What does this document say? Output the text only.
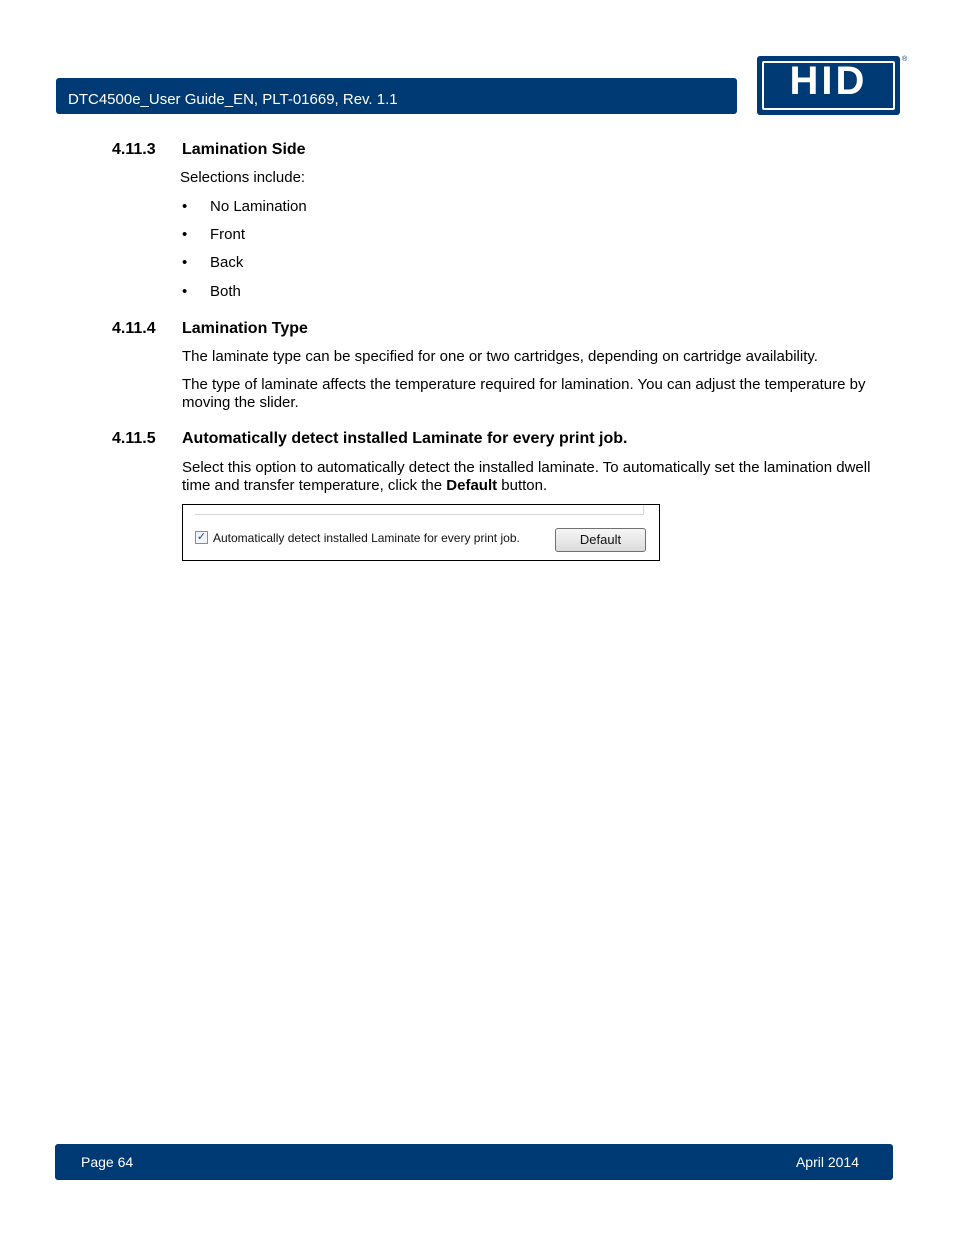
DTC4500e_User Guide_EN, PLT-01669, Rev. 1.1	HID	®
4.11.3 Lamination Side
Selections include:
• No Lamination
• Front
• Back
• Both
4.11.4 Lamination Type
The laminate type can be specified for one or two cartridges, depending on cartridge availability.
The type of laminate affects the temperature required for lamination. You can adjust the temperature by moving the slider.
4.11.5 Automatically detect installed Laminate for every print job.
Select this option to automatically detect the installed laminate. To automatically set the lamination dwell time and transfer temperature, click the Default button.
✓ Automatically detect installed Laminate for every print job.	Default
Page 64	April 2014
